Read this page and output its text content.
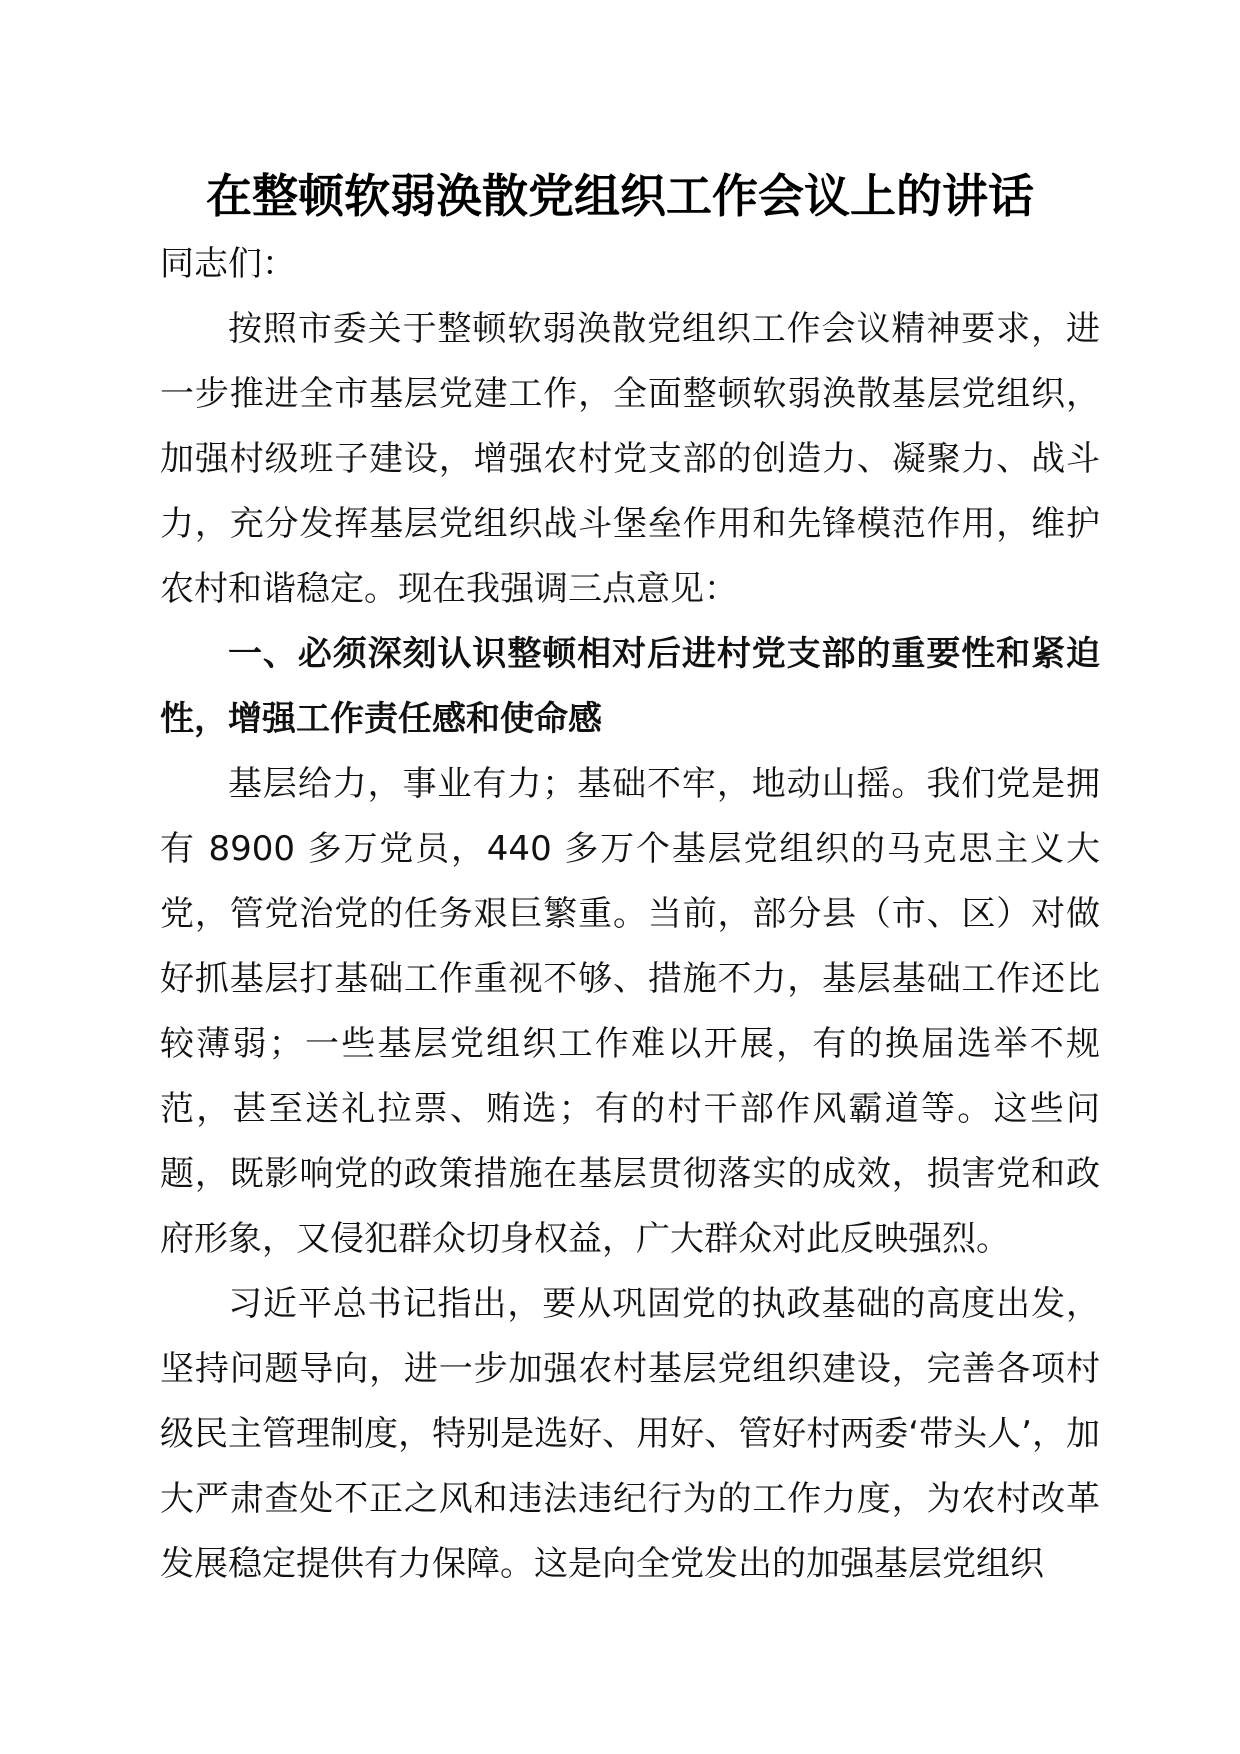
在整顿软弱涣散党组织工作会议上的讲话

同志们：

按照市委关于整顿软弱涣散党组织工作会议精神要求，进一步推进全市基层党建工作，全面整顿软弱涣散基层党组织，加强村级班子建设，增强农村党支部的创造力、凝聚力、战斗力，充分发挥基层党组织战斗堡垒作用和先锋模范作用，维护农村和谐稳定。现在我强调三点意见：

一、必须深刻认识整顿相对后进村党支部的重要性和紧迫性，增强工作责任感和使命感

基层给力，事业有力；基础不牢，地动山摇。我们党是拥有 8900 多万党员，440 多万个基层党组织的马克思主义大党，管党治党的任务艰巨繁重。当前，部分县（市、区）对做好抓基层打基础工作重视不够、措施不力，基层基础工作还比较薄弱；一些基层党组织工作难以开展，有的换届选举不规范，甚至送礼拉票、贿选；有的村干部作风霸道等。这些问题，既影响党的政策措施在基层贯彻落实的成效，损害党和政府形象，又侵犯群众切身权益，广大群众对此反映强烈。

习近平总书记指出，要从巩固党的执政基础的高度出发，坚持问题导向，进一步加强农村基层党组织建设，完善各项村级民主管理制度，特别是选好、用好、管好村两委‘带头人’，加大严肃查处不正之风和违法违纪行为的工作力度，为农村改革发展稳定提供有力保障。这是向全党发出的加强基层党组织
